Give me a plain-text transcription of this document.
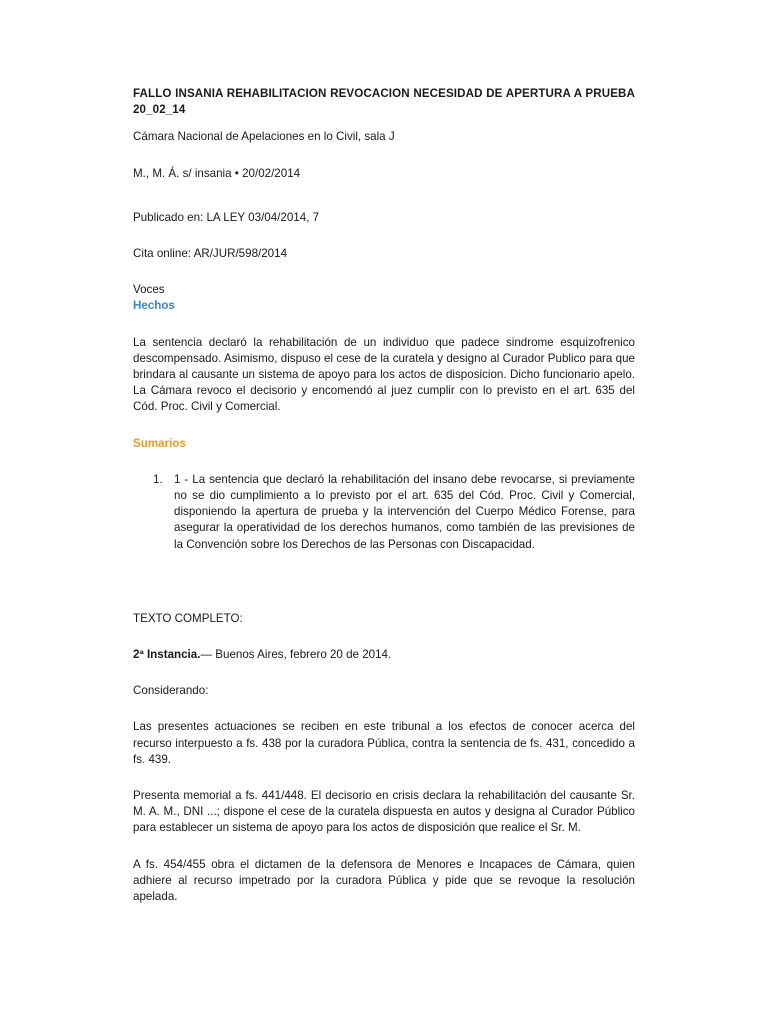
FALLO INSANIA REHABILITACION REVOCACION NECESIDAD DE APERTURA A PRUEBA 20_02_14

Cámara Nacional de Apelaciones en lo Civil, sala J

M., M. Á. s/ insania • 20/02/2014

Publicado en: LA LEY 03/04/2014, 7

Cita online: AR/JUR/598/2014

Voces

Hechos

La sentencia declaró la rehabilitación de un individuo que padece sindrome esquizofrenico descompensado. Asimismo, dispuso el cese de la curatela y designo al Curador Publico para que brindara al causante un sistema de apoyo para los actos de disposicion. Dicho funcionario apelo. La Cámara revoco el decisorio y encomendó al juez cumplir con lo previsto en el art. 635 del Cód. Proc. Civil y Comercial.

Sumarios

1. 1 - La sentencia que declaró la rehabilitación del insano debe revocarse, si previamente no se dio cumplimiento a lo previsto por el art. 635 del Cód. Proc. Civil y Comercial, disponiendo la apertura de prueba y la intervención del Cuerpo Médico Forense, para asegurar la operatividad de los derechos humanos, como también de las previsiones de la Convención sobre los Derechos de las Personas con Discapacidad.

TEXTO COMPLETO:

2ª Instancia.— Buenos Aires, febrero 20 de 2014.

Considerando:

Las presentes actuaciones se reciben en este tribunal a los efectos de conocer acerca del recurso interpuesto a fs. 438 por la curadora Pública, contra la sentencia de fs. 431, concedido a fs. 439.

Presenta memorial a fs. 441/448. El decisorio en crisis declara la rehabilitación del causante Sr. M. A. M., DNI ...; dispone el cese de la curatela dispuesta en autos y designa al Curador Público para establecer un sistema de apoyo para los actos de disposición que realice el Sr. M.

A fs. 454/455 obra el dictamen de la defensora de Menores e Incapaces de Cámara, quien adhiere al recurso impetrado por la curadora Pública y pide que se revoque la resolución apelada.
